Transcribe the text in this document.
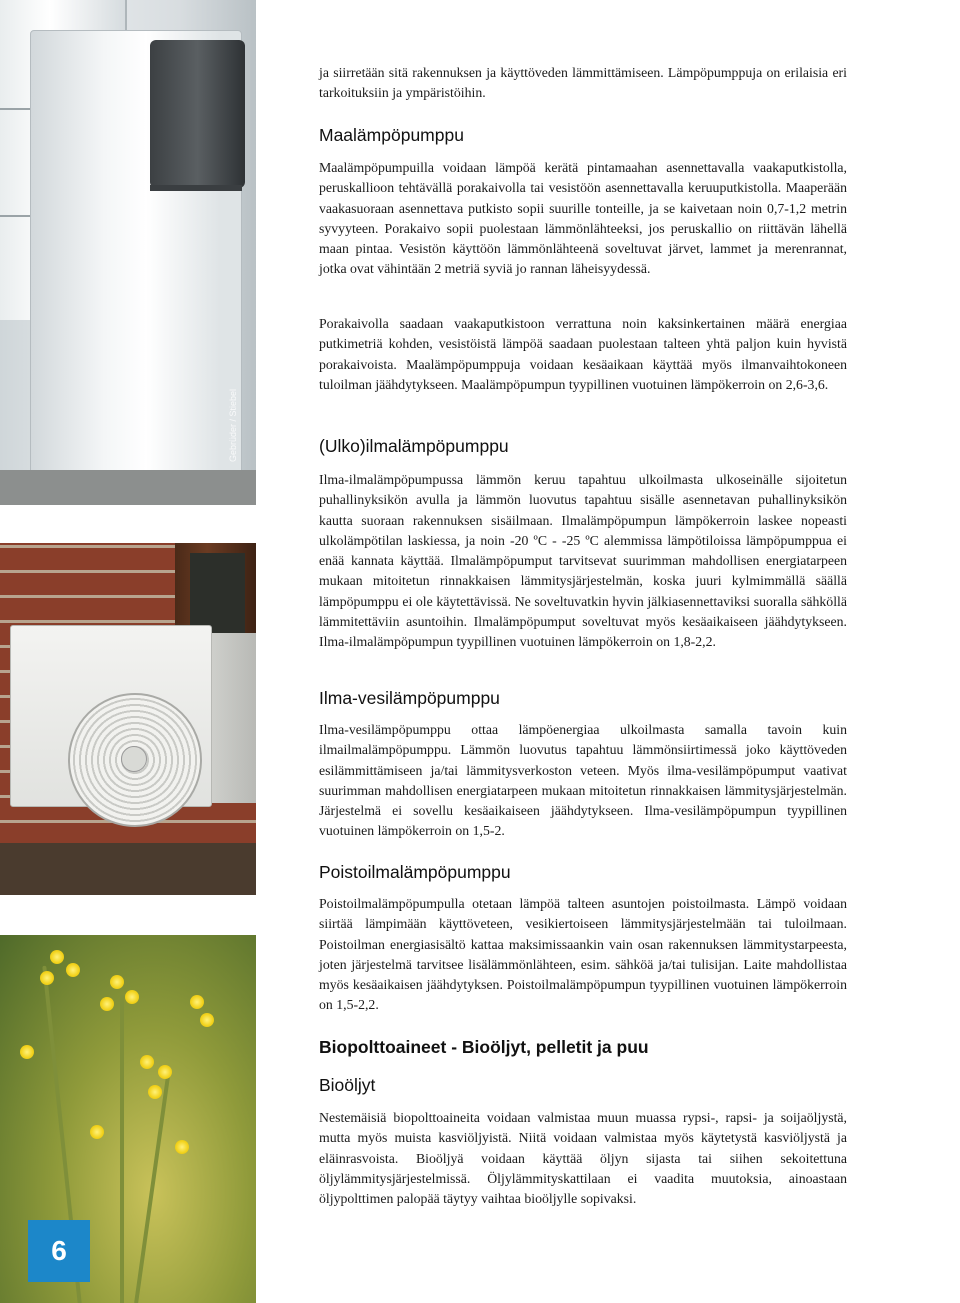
Gebrüder / Stiebel
6

ja siirretään sitä rakennuksen ja käyttöveden lämmittämiseen. Lämpöpumppuja on erilaisia eri tarkoituksiin ja ympäristöihin.

Maalämpöpumppu

Maalämpöpumpuilla voidaan lämpöä kerätä pintamaahan asennettavalla vaakaputkistolla, peruskallioon tehtävällä porakaivolla tai vesistöön asennettavalla keruuputkistolla. Maaperään vaakasuoraan asennettava putkisto sopii suurille tonteille, ja se kaivetaan noin 0,7-1,2 metrin syvyyteen. Porakaivo sopii puolestaan lämmönlähteeksi, jos peruskallio on riittävän lähellä maan pintaa. Vesistön käyttöön lämmönlähteenä soveltuvat järvet, lammet ja merenrannat, jotka ovat vähintään 2 metriä syviä jo rannan läheisyydessä.

Porakaivolla saadaan vaakaputkistoon verrattuna noin kaksinkertainen määrä energiaa putkimetriä kohden, vesistöistä lämpöä saadaan puolestaan talteen yhtä paljon kuin hyvistä porakaivoista. Maalämpöpumppuja voidaan kesäaikaan käyttää myös ilmanvaihtokoneen tuloilman jäähdytykseen. Maalämpöpumpun tyypillinen vuotuinen lämpökerroin on 2,6-3,6.

(Ulko)ilmalämpöpumppu

Ilma-ilmalämpöpumpussa lämmön keruu tapahtuu ulkoilmasta ulkoseinälle sijoitetun puhallinyksikön avulla ja lämmön luovutus tapahtuu sisälle asennetavan puhallinyksikön kautta suoraan rakennuksen sisäilmaan. Ilmalämpöpumpun lämpökerroin laskee nopeasti ulkolämpötilan laskiessa, ja noin -20 ºC - -25 ºC alemmissa lämpötiloissa lämpöpumppua ei enää kannata käyttää. Ilmalämpöpumput tarvitsevat suurimman mahdollisen energiatarpeen mukaan mitoitetun rinnakkaisen lämmitysjärjestelmän, koska juuri kylmimmällä säällä lämpöpumppu ei ole käytettävissä. Ne soveltuvatkin hyvin jälkiasennettaviksi suoralla sähköllä lämmitettäviin asuntoihin. Ilmalämpöpumput soveltuvat myös kesäaikaiseen jäähdytykseen. Ilma-ilmalämpöpumpun tyypillinen vuotuinen lämpökerroin on 1,8-2,2.

Ilma-vesilämpöpumppu

Ilma-vesilämpöpumppu ottaa lämpöenergiaa ulkoilmasta samalla tavoin kuin ilmailmalämpöpumppu. Lämmön luovutus tapahtuu lämmönsiirtimessä joko käyttöveden esilämmittämiseen ja/tai lämmitysverkoston veteen. Myös ilma-vesilämpöpumput vaativat suurimman mahdollisen energiatarpeen mukaan mitoitetun rinnakkaisen lämmitysjärjestelmän. Järjestelmä ei sovellu kesäaikaiseen jäähdytykseen. Ilma-vesilämpöpumpun tyypillinen vuotuinen lämpökerroin on 1,5-2.

Poistoilmalämpöpumppu

Poistoilmalämpöpumpulla otetaan lämpöä talteen asuntojen poistoilmasta. Lämpö voidaan siirtää lämpimään käyttöveteen, vesikiertoiseen lämmitysjärjestelmään tai tuloilmaan. Poistoilman energiasisältö kattaa maksimissaankin vain osan rakennuksen lämmitystarpeesta, joten järjestelmä tarvitsee lisälämmönlähteen, esim. sähköä ja/tai tulisijan. Laite mahdollistaa myös kesäaikaisen jäähdytyksen. Poistoilmalämpöpumpun tyypillinen vuotuinen lämpökerroin on 1,5-2,2.

Biopolttoaineet - Bioöljyt, pelletit ja puu
Bioöljyt

Nestemäisiä biopolttoaineita voidaan valmistaa muun muassa rypsi-, rapsi- ja soijaöljystä, mutta myös muista kasviöljyistä. Niitä voidaan valmistaa myös käytetystä kasviöljystä ja eläinrasvoista. Bioöljyä voidaan käyttää öljyn sijasta tai siihen sekoitettuna öljylämmitysjärjestelmissä. Öljylämmityskattilaan ei vaadita muutoksia, ainoastaan öljypolttimen palopää täytyy vaihtaa bioöljylle sopivaksi.
